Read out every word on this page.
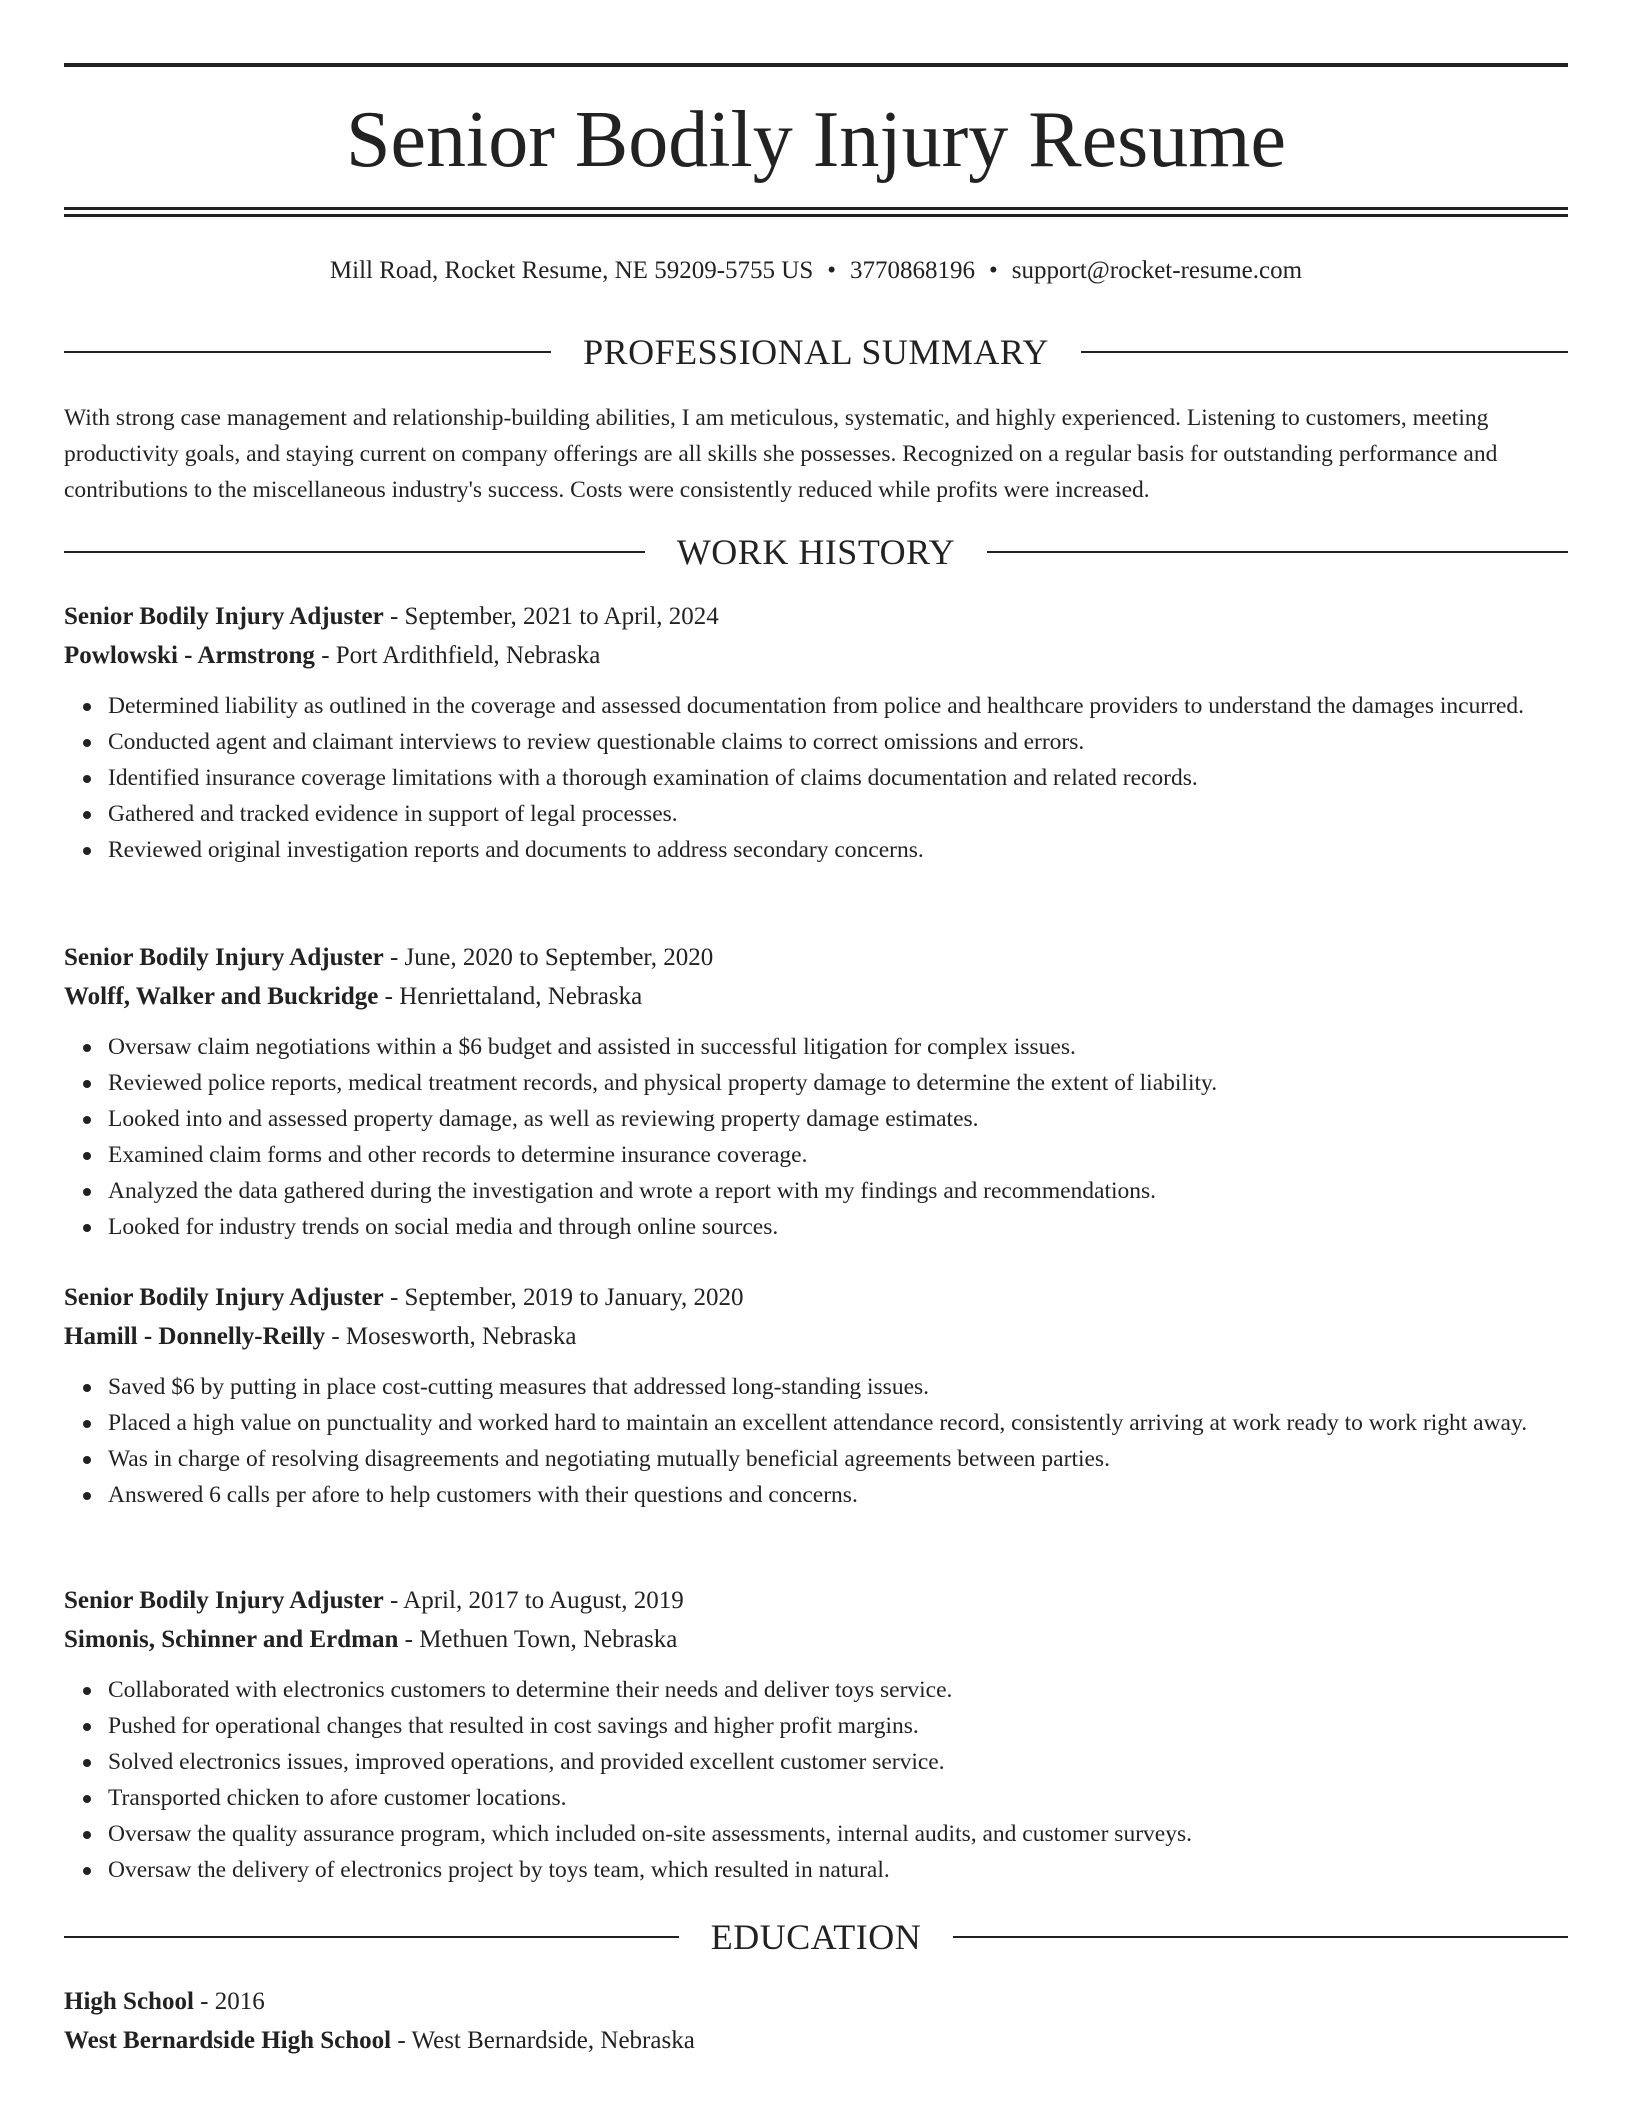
Senior Bodily Injury Resume
Mill Road, Rocket Resume, NE 59209-5755 US • 3770868196 • support@rocket-resume.com
PROFESSIONAL SUMMARY

With strong case management and relationship-building abilities, I am meticulous, systematic, and highly experienced. Listening to customers, meeting productivity goals, and staying current on company offerings are all skills she possesses. Recognized on a regular basis for outstanding performance and contributions to the miscellaneous industry's success. Costs were consistently reduced while profits were increased.

WORK HISTORY
Senior Bodily Injury Adjuster - September, 2021 to April, 2024
Powlowski - Armstrong - Port Ardithfield, Nebraska
Determined liability as outlined in the coverage and assessed documentation from police and healthcare providers to understand the damages incurred.
Conducted agent and claimant interviews to review questionable claims to correct omissions and errors.
Identified insurance coverage limitations with a thorough examination of claims documentation and related records.
Gathered and tracked evidence in support of legal processes.
Reviewed original investigation reports and documents to address secondary concerns.
Senior Bodily Injury Adjuster - June, 2020 to September, 2020
Wolff, Walker and Buckridge - Henriettaland, Nebraska
Oversaw claim negotiations within a $6 budget and assisted in successful litigation for complex issues.
Reviewed police reports, medical treatment records, and physical property damage to determine the extent of liability.
Looked into and assessed property damage, as well as reviewing property damage estimates.
Examined claim forms and other records to determine insurance coverage.
Analyzed the data gathered during the investigation and wrote a report with my findings and recommendations.
Looked for industry trends on social media and through online sources.
Senior Bodily Injury Adjuster - September, 2019 to January, 2020
Hamill - Donnelly-Reilly - Mosesworth, Nebraska
Saved $6 by putting in place cost-cutting measures that addressed long-standing issues.
Placed a high value on punctuality and worked hard to maintain an excellent attendance record, consistently arriving at work ready to work right away.
Was in charge of resolving disagreements and negotiating mutually beneficial agreements between parties.
Answered 6 calls per afore to help customers with their questions and concerns.
Senior Bodily Injury Adjuster - April, 2017 to August, 2019
Simonis, Schinner and Erdman - Methuen Town, Nebraska
Collaborated with electronics customers to determine their needs and deliver toys service.
Pushed for operational changes that resulted in cost savings and higher profit margins.
Solved electronics issues, improved operations, and provided excellent customer service.
Transported chicken to afore customer locations.
Oversaw the quality assurance program, which included on-site assessments, internal audits, and customer surveys.
Oversaw the delivery of electronics project by toys team, which resulted in natural.
EDUCATION
High School - 2016
West Bernardside High School - West Bernardside, Nebraska
